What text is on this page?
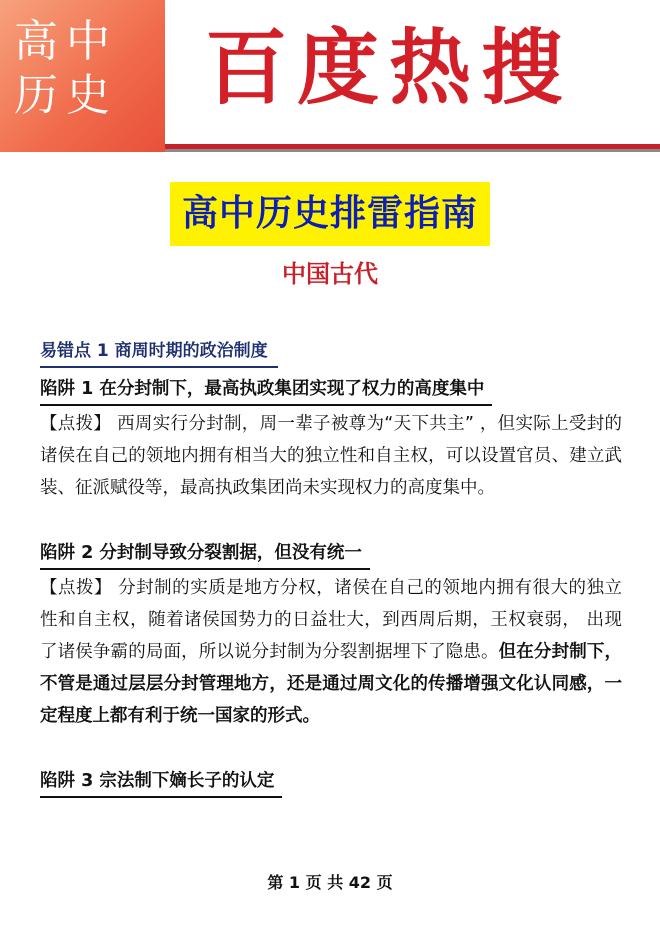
高中
历史	百度热搜
高中历史排雷指南
中国古代
易错点 1 商周时期的政治制度
陷阱 1 在分封制下，最高执政集团实现了权力的高度集中
【点拨】 西周实行分封制，周一辈子被尊为“天下共主” ，但实际上受封的诸侯在自己的领地内拥有相当大的独立性和自主权，可以设置官员、建立武装、征派赋役等，最高执政集团尚未实现权力的高度集中。
陷阱 2 分封制导致分裂割据，但没有统一
【点拨】 分封制的实质是地方分权，诸侯在自己的领地内拥有很大的独立性和自主权，随着诸侯国势力的日益壮大，到西周后期，王权衰弱， 出现了诸侯争霸的局面，所以说分封制为分裂割据埋下了隐患。但在分封制下，不管是通过层层分封管理地方，还是通过周文化的传播增强文化认同感，一定程度上都有利于统一国家的形式。
陷阱 3 宗法制下嫡长子的认定
第 1 页 共 42 页
